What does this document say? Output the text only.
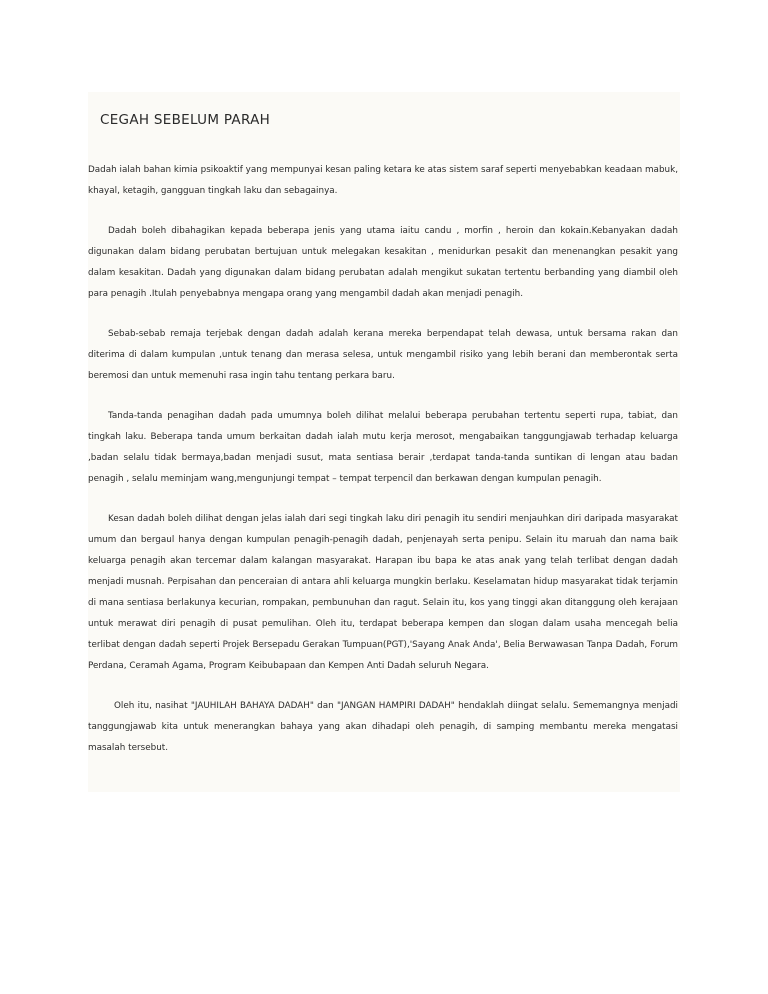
CEGAH SEBELUM PARAH

Dadah ialah bahan kimia psikoaktif yang mempunyai kesan paling ketara ke atas sistem saraf seperti menyebabkan keadaan mabuk, khayal, ketagih, gangguan tingkah laku dan sebagainya.

Dadah boleh dibahagikan kepada beberapa jenis yang utama iaitu candu , morfin , heroin dan kokain.Kebanyakan dadah digunakan dalam bidang perubatan bertujuan untuk melegakan kesakitan , menidurkan pesakit dan menenangkan pesakit yang dalam kesakitan. Dadah yang digunakan dalam bidang perubatan adalah mengikut sukatan tertentu berbanding yang diambil oleh para penagih .Itulah penyebabnya mengapa orang yang mengambil dadah akan menjadi penagih.

Sebab-sebab remaja terjebak dengan dadah adalah kerana mereka berpendapat telah dewasa, untuk bersama rakan dan diterima di dalam kumpulan ,untuk tenang dan merasa selesa, untuk mengambil risiko yang lebih berani dan memberontak serta beremosi dan untuk memenuhi rasa ingin tahu tentang perkara baru.

Tanda-tanda penagihan dadah pada umumnya boleh dilihat melalui beberapa perubahan tertentu seperti rupa, tabiat, dan tingkah laku. Beberapa tanda umum berkaitan dadah ialah mutu kerja merosot, mengabaikan tanggungjawab terhadap keluarga ,badan selalu tidak bermaya,badan menjadi susut, mata sentiasa berair ,terdapat tanda-tanda suntikan di lengan atau badan penagih , selalu meminjam wang,mengunjungi tempat – tempat terpencil dan berkawan dengan kumpulan penagih.

Kesan dadah boleh dilihat dengan jelas ialah dari segi tingkah laku diri penagih itu sendiri menjauhkan diri daripada masyarakat umum dan bergaul hanya dengan kumpulan penagih-penagih dadah, penjenayah serta penipu. Selain itu maruah dan nama baik keluarga penagih akan tercemar dalam kalangan masyarakat. Harapan ibu bapa ke atas anak yang telah terlibat dengan dadah menjadi musnah. Perpisahan dan penceraian di antara ahli keluarga mungkin berlaku. Keselamatan hidup masyarakat tidak terjamin di mana sentiasa berlakunya kecurian, rompakan, pembunuhan dan ragut. Selain itu, kos yang tinggi akan ditanggung oleh kerajaan untuk merawat diri penagih di pusat pemulihan. Oleh itu, terdapat beberapa kempen dan slogan dalam usaha mencegah belia terlibat dengan dadah seperti Projek Bersepadu Gerakan Tumpuan(PGT),'Sayang Anak Anda', Belia Berwawasan Tanpa Dadah, Forum Perdana, Ceramah Agama, Program Keibubapaan dan Kempen Anti Dadah seluruh Negara.

Oleh itu, nasihat "JAUHILAH BAHAYA DADAH" dan "JANGAN HAMPIRI DADAH" hendaklah diingat selalu. Sememangnya menjadi tanggungjawab kita untuk menerangkan bahaya yang akan dihadapi oleh penagih, di samping membantu mereka mengatasi masalah tersebut.
